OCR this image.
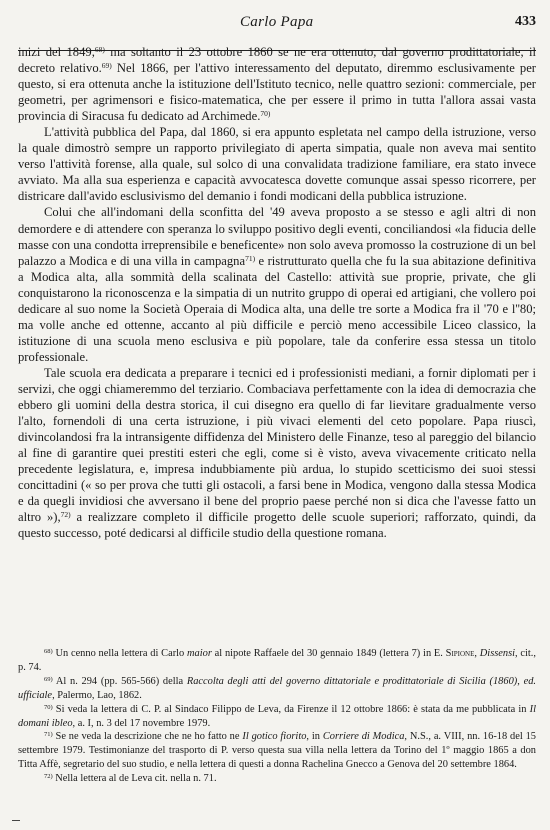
Carlo Papa	433

inizi del 1849,$^{68)}$ ma soltanto il 23 ottobre 1860 se ne era ottenuto, dal governo prodittatoriale, il decreto relativo.$^{69)}$ Nel 1866, per l'attivo interessamento del deputato, diremmo esclusivamente per questo, si era ottenuta anche la istituzione dell'Istituto tecnico, nelle quattro sezioni: commerciale, per geometri, per agrimensori e fisico-matematica, che per essere il primo in tutta l'allora assai vasta provincia di Siracusa fu dedicato ad Archimede.$^{70)}$

L'attività pubblica del Papa, dal 1860, si era appunto espletata nel campo della istruzione, verso la quale dimostrò sempre un rapporto privilegiato di aperta simpatia, quale non aveva mai sentito verso l'attività forense, alla quale, sul solco di una convalidata tradizione familiare, era stato invece avviato. Ma alla sua esperienza e capacità avvocatesca dovette comunque assai spesso ricorrere, per districare dall'avido esclusivismo del demanio i fondi modicani della pubblica istruzione.

Colui che all'indomani della sconfitta del '49 aveva proposto a se stesso e agli altri di non demordere e di attendere con speranza lo sviluppo positivo degli eventi, conciliandosi «la fiducia delle masse con una condotta irreprensibile e beneficente» non solo aveva promosso la costruzione di un bel palazzo a Modica e di una villa in campagna$^{71)}$ e ristrutturato quella che fu la sua abitazione definitiva a Modica alta, alla sommità della scalinata del Castello: attività sue proprie, private, che gli conquistarono la riconoscenza e la simpatia di un nutrito gruppo di operai ed artigiani, che vollero poi dedicare al suo nome la Società Operaia di Modica alta, una delle tre sorte a Modica fra il '70 e l''80; ma volle anche ed ottenne, accanto al più difficile e perciò meno accessibile Liceo classico, la istituzione di una scuola meno esclusiva e più popolare, tale da conferire essa stessa un titolo professionale.

Tale scuola era dedicata a preparare i tecnici ed i professionisti mediani, a fornir diplomati per i servizi, che oggi chiameremmo del terziario. Combaciava perfettamente con la idea di democrazia che ebbero gli uomini della destra storica, il cui disegno era quello di far lievitare gradualmente verso l'alto, fornendoli di una certa istruzione, i più vivaci elementi del ceto popolare. Papa riuscì, divincolandosi fra la intransigente diffidenza del Ministero delle Finanze, teso al pareggio del bilancio al fine di garantire quei prestiti esteri che egli, come si è visto, aveva vivacemente criticato nella precedente legislatura, e, impresa indubbiamente più ardua, lo stupido scetticismo dei suoi stessi concittadini (« so per prova che tutti gli ostacoli, a farsi bene in Modica, vengono dalla stessa Modica e da quegli invidiosi che avversano il bene del proprio paese perché non si dica che l'avesse fatto un altro »),$^{72)}$ a realizzare completo il difficile progetto delle scuole superiori; rafforzato, quindi, da questo successo, poté dedicarsi al difficile studio della questione romana.

$^{68)}$ Un cenno nella lettera di Carlo maior al nipote Raffaele del 30 gennaio 1849 (lettera 7) in E. Sipione, Dissensi, cit., p. 74.

$^{69)}$ Al n. 294 (pp. 565-566) della Raccolta degli atti del governo dittatoriale e prodittatoriale di Sicilia (1860), ed. ufficiale, Palermo, Lao, 1862.

$^{70)}$ Si veda la lettera di C. P. al Sindaco Filippo de Leva, da Firenze il 12 ottobre 1866: è stata da me pubblicata in Il domani ibleo, a. I, n. 3 del 17 novembre 1979.

$^{71)}$ Se ne veda la descrizione che ne ho fatto ne Il gotico fiorito, in Corriere di Modica, N.S., a. VIII, nn. 16-18 del 15 settembre 1979. Testimonianze del trasporto di P. verso questa sua villa nella lettera da Torino del 1º maggio 1865 a don Titta Affè, segretario del suo studio, e nella lettera di questi a donna Rachelina Gnecco a Genova del 20 settembre 1864.

$^{72)}$ Nella lettera al de Leva cit. nella n. 71.
